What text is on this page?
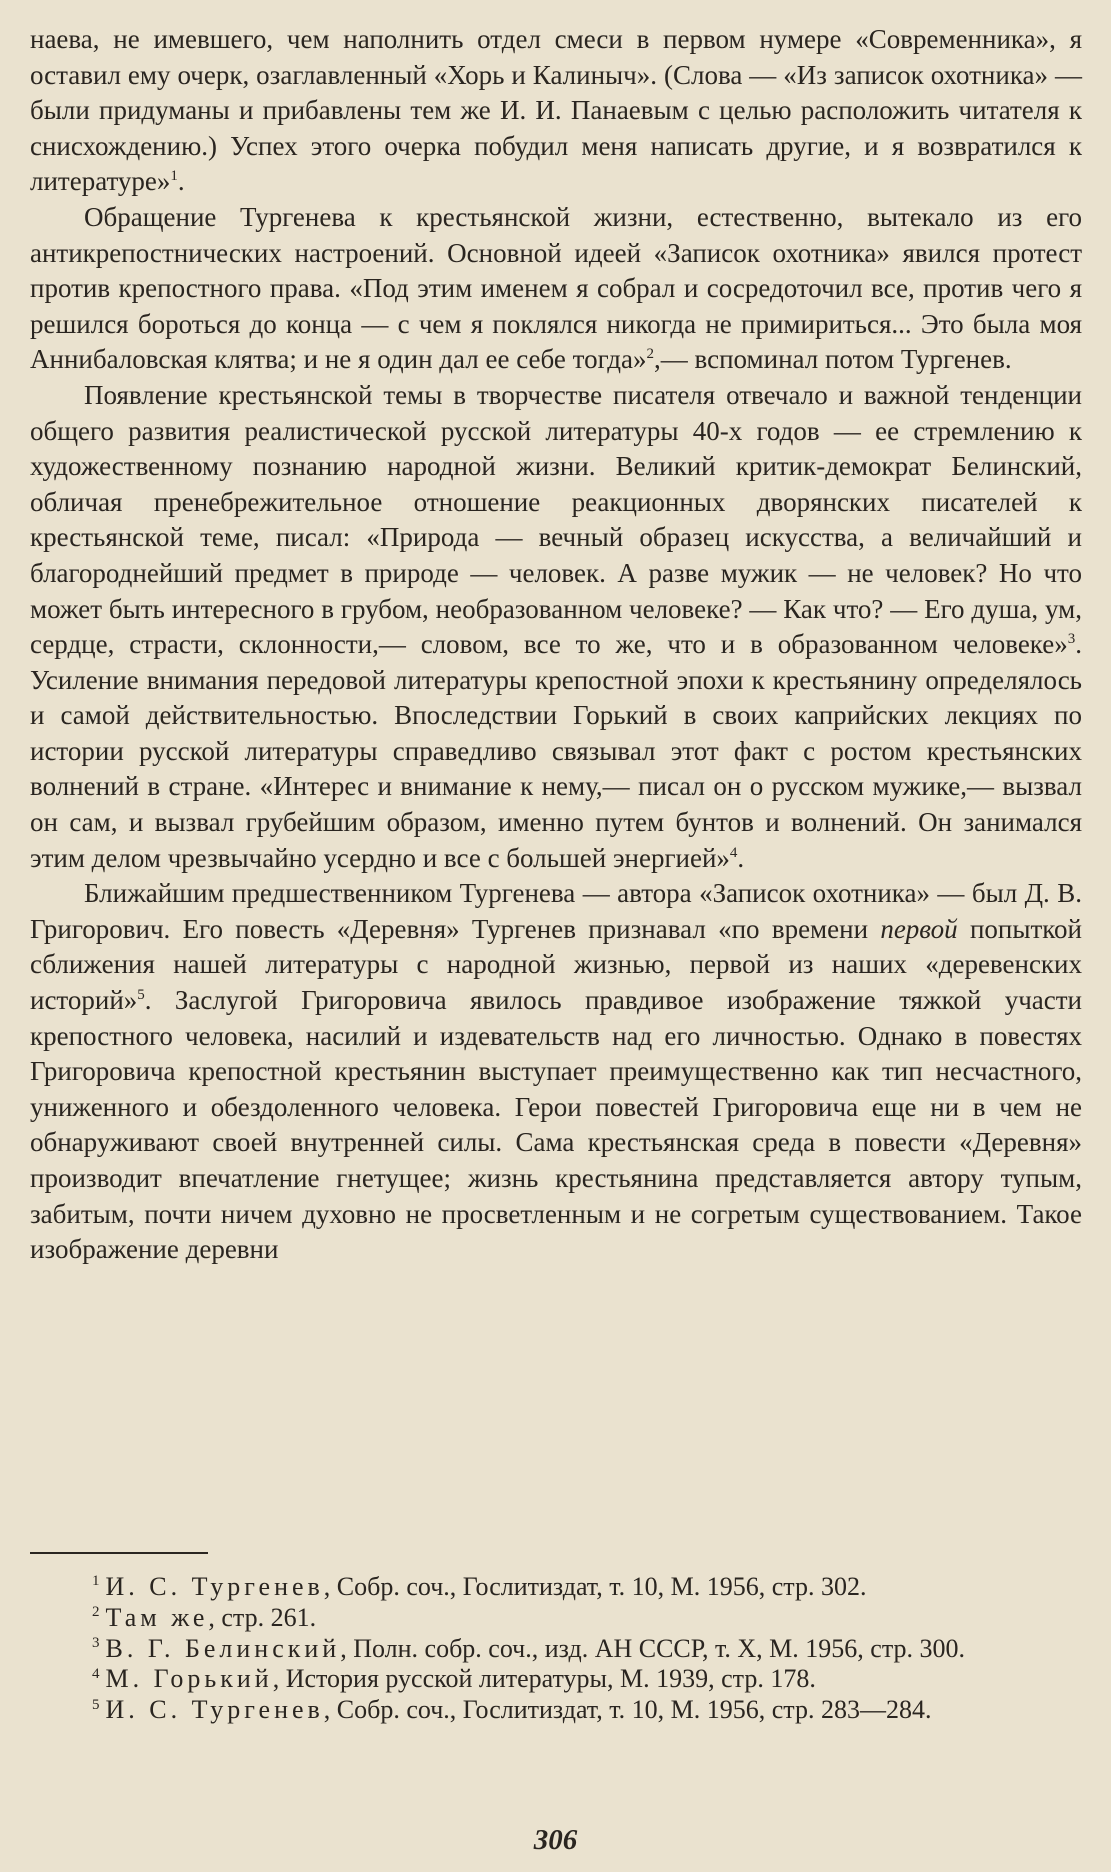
наева, не имевшего, чем наполнить отдел смеси в первом нумере «Современника», я оставил ему очерк, озаглавленный «Хорь и Калиныч». (Слова — «Из записок охотника» — были придуманы и прибавлены тем же И. И. Панаевым с целью расположить читателя к снисхождению.) Успех этого очерка побудил меня написать другие, и я возвратился к литературе»$^1$.

Обращение Тургенева к крестьянской жизни, естественно, вытекало из его антикрепостнических настроений. Основной идеей «Записок охотника» явился протест против крепостного права. «Под этим именем я собрал и сосредоточил все, против чего я решился бороться до конца — с чем я поклялся никогда не примириться... Это была моя Аннибаловская клятва; и не я один дал ее себе тогда»$^2$,— вспоминал потом Тургенев.

Появление крестьянской темы в творчестве писателя отвечало и важной тенденции общего развития реалистической русской литературы 40-х годов — ее стремлению к художественному познанию народной жизни. Великий критик-демократ Белинский, обличая пренебрежительное отношение реакционных дворянских писателей к крестьянской теме, писал: «Природа — вечный образец искусства, а величайший и благороднейший предмет в природе — человек. А разве мужик — не человек? Но что может быть интересного в грубом, необразованном человеке? — Как что? — Его душа, ум, сердце, страсти, склонности,— словом, все то же, что и в образованном человеке»$^3$. Усиление внимания передовой литературы крепостной эпохи к крестьянину определялось и самой действительностью. Впоследствии Горький в своих каприйских лекциях по истории русской литературы справедливо связывал этот факт с ростом крестьянских волнений в стране. «Интерес и внимание к нему,— писал он о русском мужике,— вызвал он сам, и вызвал грубейшим образом, именно путем бунтов и волнений. Он занимался этим делом чрезвычайно усердно и все с большей энергией»$^4$.

Ближайшим предшественником Тургенева — автора «Записок охотника» — был Д. В. Григорович. Его повесть «Деревня» Тургенев признавал «по времени первой попыткой сближения нашей литературы с народной жизнью, первой из наших «деревенских историй»$^5$. Заслугой Григоровича явилось правдивое изображение тяжкой участи крепостного человека, насилий и издевательств над его личностью. Однако в повестях Григоровича крепостной крестьянин выступает преимущественно как тип несчастного, униженного и обездоленного человека. Герои повестей Григоровича еще ни в чем не обнаруживают своей внутренней силы. Сама крестьянская среда в повести «Деревня» производит впечатление гнетущее; жизнь крестьянина представляется автору тупым, забитым, почти ничем духовно не просветленным и не согретым существованием. Такое изображение деревни

$^1$ И. С. Тургенев, Собр. соч., Гослитиздат, т. 10, М. 1956, стр. 302.

$^2$ Там же, стр. 261.

$^3$ В. Г. Белинский, Полн. собр. соч., изд. АН СССР, т. X, М. 1956, стр. 300.

$^4$ М. Горький, История русской литературы, М. 1939, стр. 178.

$^5$ И. С. Тургенев, Собр. соч., Гослитиздат, т. 10, М. 1956, стр. 283—284.

306
